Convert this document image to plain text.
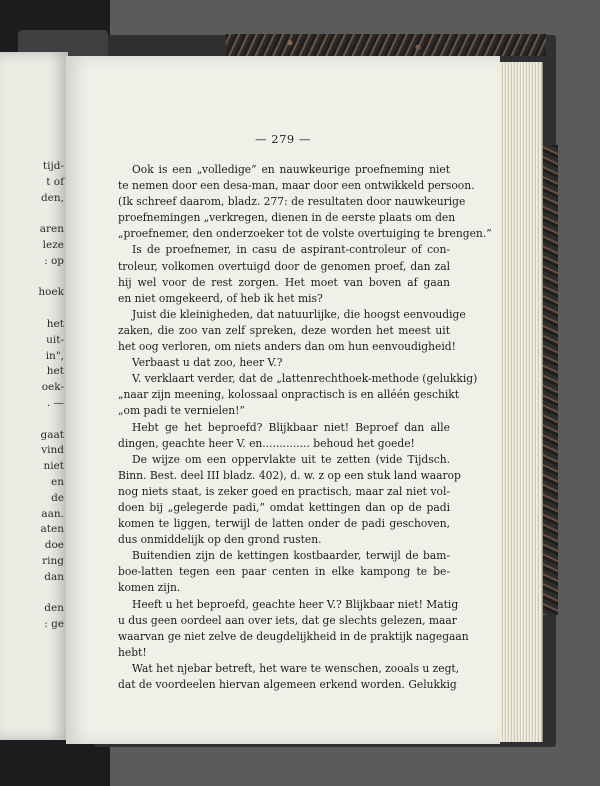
tijd-
t of
den,
aren
leze
: op
hoek
het
uit-
in",
het
oek-
. —
gaat
vind
niet
en
de
aan.
aten
doe
ring
dan
den
: ge
— 279 —
Ook is een „volledige” en nauwkeurige proefneming niet
te nemen door een desa-man, maar door een ontwikkeld persoon.
(Ik schreef daarom, bladz. 277: de resultaten door nauwkeurige
proefnemingen „verkregen, dienen in de eerste plaats om den
„proefnemer, den onderzoeker tot de volste overtuiging te brengen.”
Is de proefnemer, in casu de aspirant-controleur of con-
troleur, volkomen overtuigd door de genomen proef, dan zal
hij wel voor de rest zorgen. Het moet van boven af gaan
en niet omgekeerd, of heb ik het mis?
Juist die kleinigheden, dat natuurlijke, die hoogst eenvoudige
zaken, die zoo van zelf spreken, deze worden het meest uit
het oog verloren, om niets anders dan om hun eenvoudigheid!
Verbaast u dat zoo, heer V.?
V. verklaart verder, dat de „lattenrechthoek-methode (gelukkig)
„naar zijn meening, kolossaal onpractisch is en alléén geschikt
„om padi te vernielen!”
Hebt ge het beproefd? Blijkbaar niet! Beproef dan alle
dingen, geachte heer V. en.............. behoud het goede!
De wijze om een oppervlakte uit te zetten (vide Tijdsch.
Binn. Best. deel III bladz. 402), d. w. z op een stuk land waarop
nog niets staat, is zeker goed en practisch, maar zal niet vol-
doen bij „gelegerde padi,” omdat kettingen dan op de padi
komen te liggen, terwijl de latten onder de padi geschoven,
dus onmiddelijk op den grond rusten.
Buitendien zijn de kettingen kostbaarder, terwijl de bam-
boe-latten tegen een paar centen in elke kampong te be-
komen zijn.
Heeft u het beproefd, geachte heer V.? Blijkbaar niet! Matig
u dus geen oordeel aan over iets, dat ge slechts gelezen, maar
waarvan ge niet zelve de deugdelijkheid in de praktijk nagegaan
hebt!
Wat het njebar betreft, het ware te wenschen, zooals u zegt,
dat de voordeelen hiervan algemeen erkend worden. Gelukkig
